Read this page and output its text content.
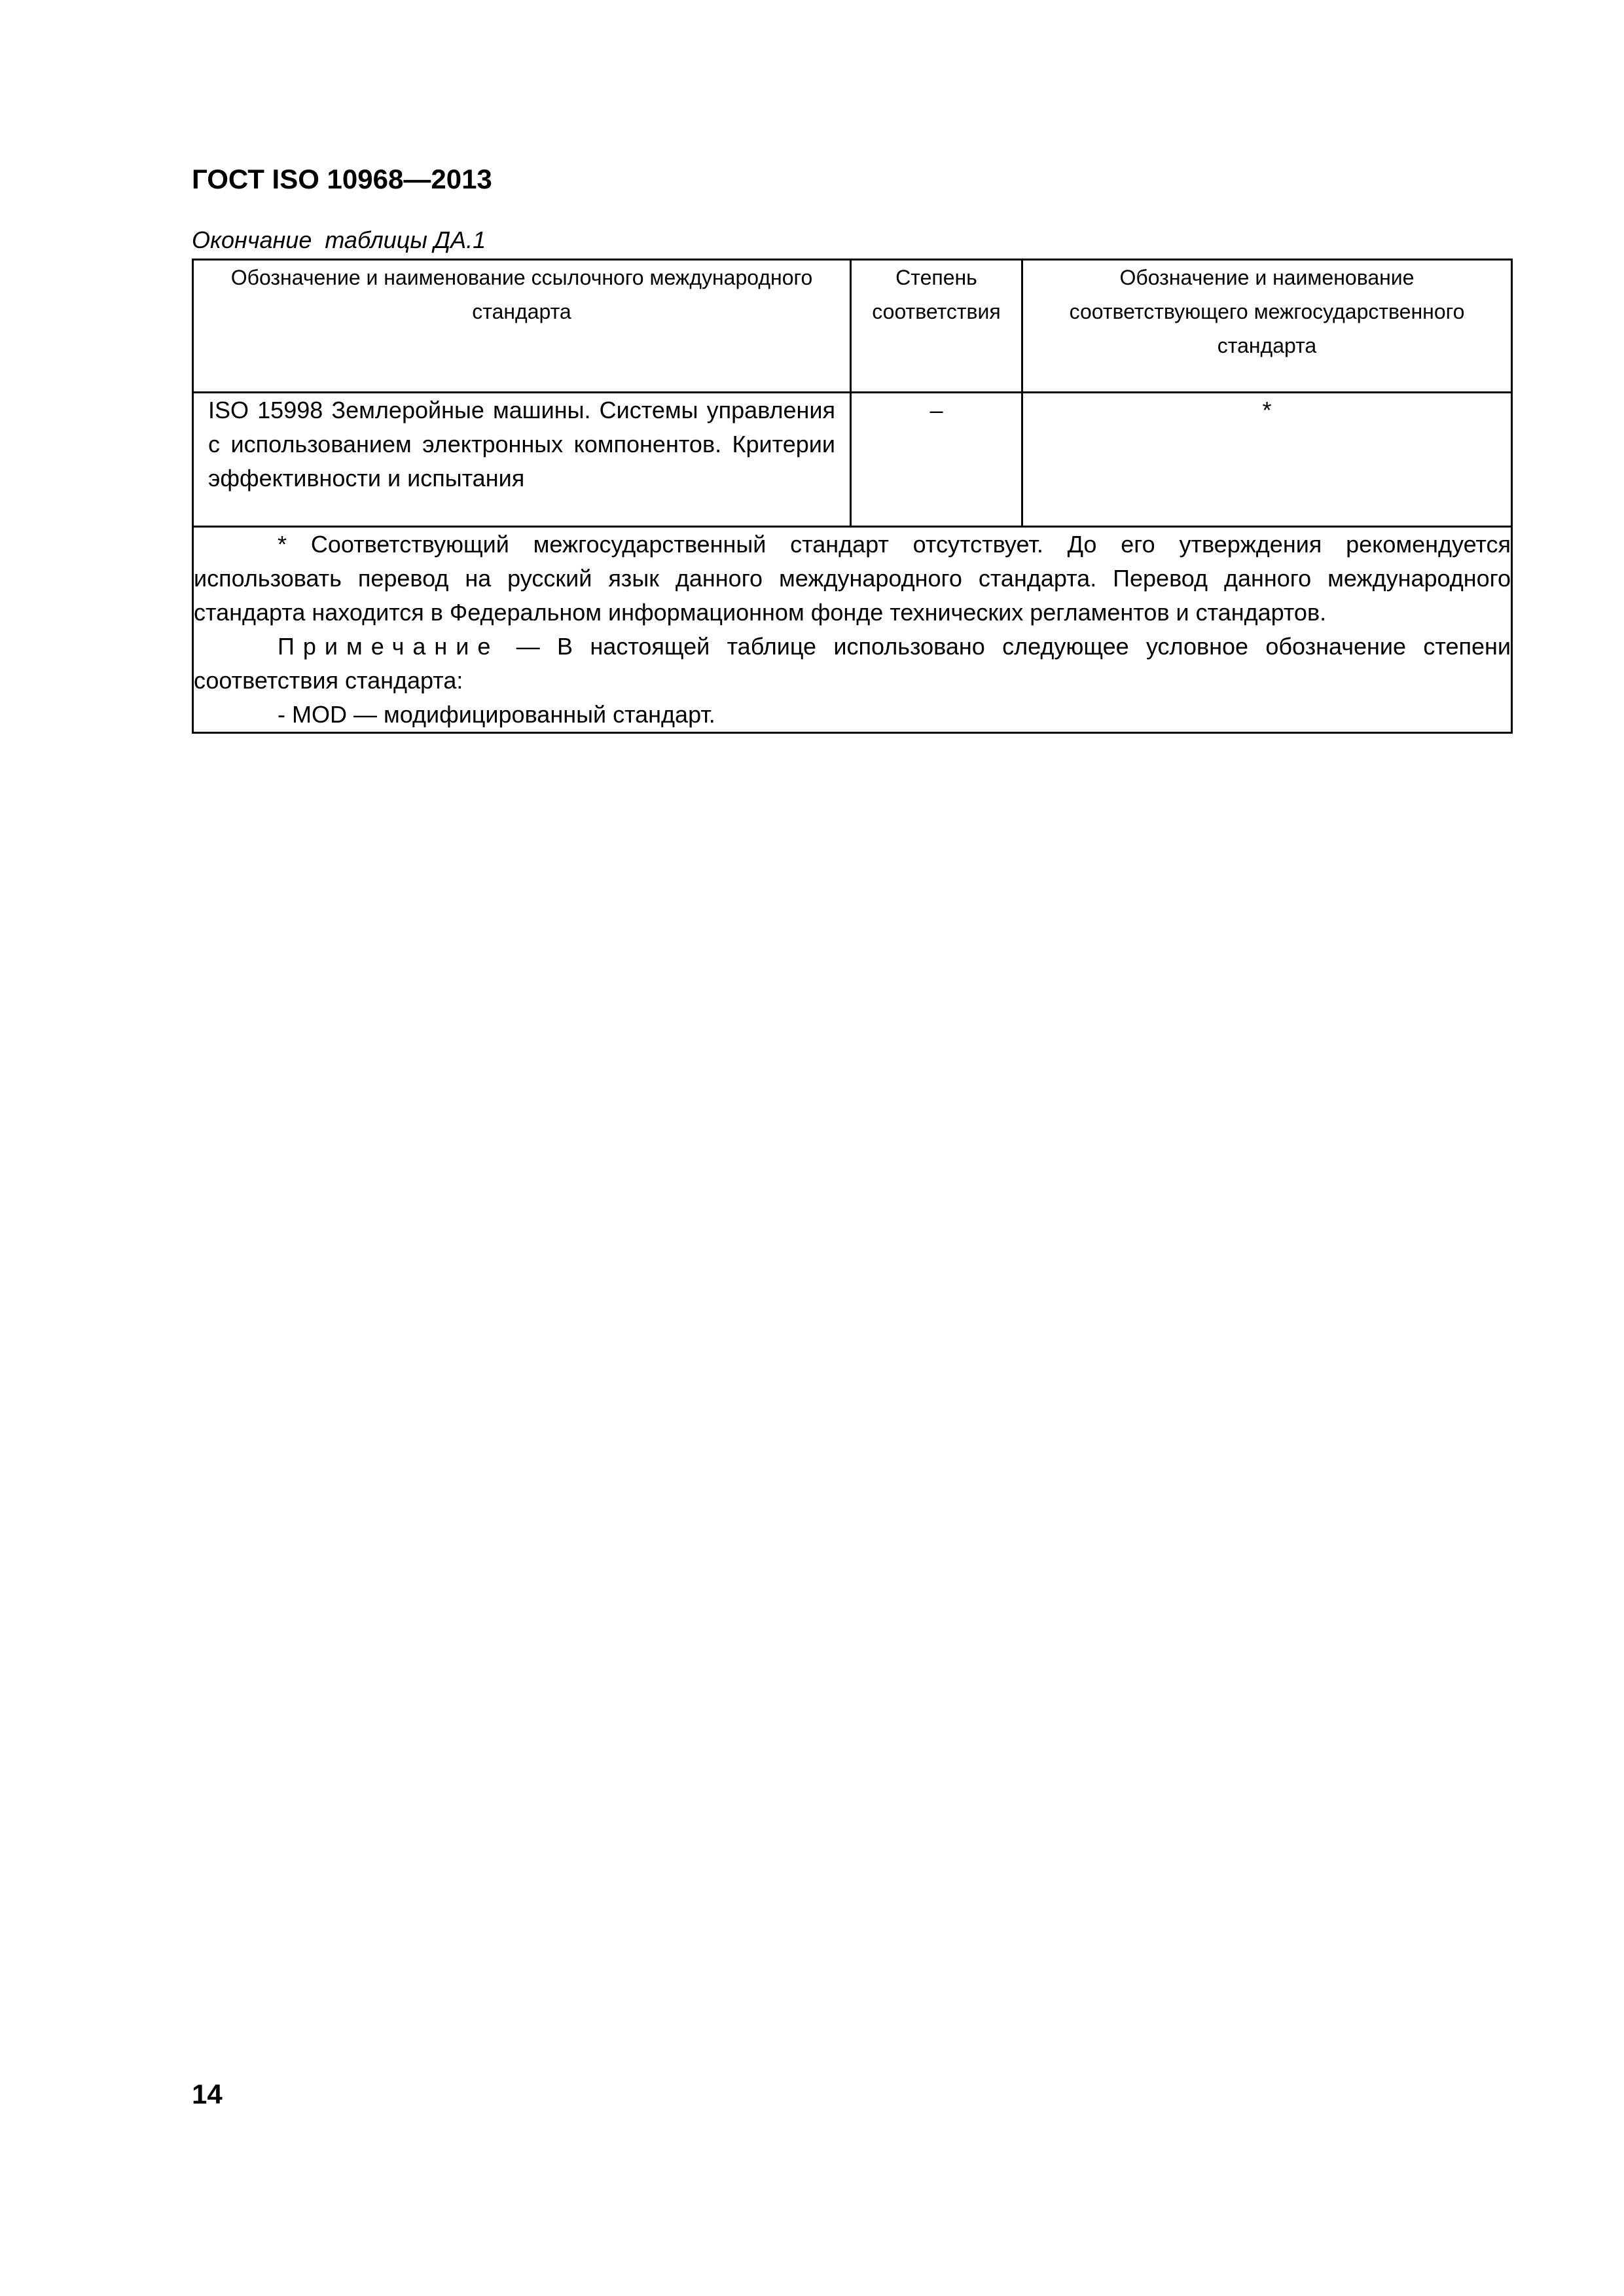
ГОСТ ISO 10968—2013
Окончание  таблицы ДА.1
Обозначение и наименование ссылочного международного стандарта	Степень соответствия	Обозначение и наименование соответствующего межгосударственного стандарта

ISO 15998 Землеройные машины. Системы управления с использованием электронных компонентов. Критерии эффективности и испытания	–	*

* Соответствующий межгосударственный стандарт отсутствует. До его утверждения рекомендуется использовать перевод на русский язык данного международного стандарта. Перевод данного международного стандарта находится в Федеральном информационном фонде технических регламентов и стандартов.

Примечание — В настоящей таблице использовано следующее условное обозначение степени соответствия стандарта:

- MOD — модифицированный стандарт.		

14
